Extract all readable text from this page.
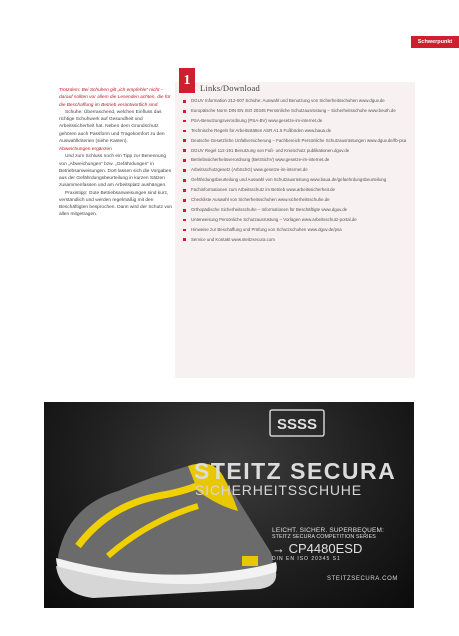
Schwerpunkt

Trotzdem: Bei Schuhen gilt „ich empfehle“ nicht – darauf sollten vor allem die Lesenden achten, die für die Beschaffung im Betrieb verantwortlich sind.

Schuhe: Überraschend, welchen Einfluss das richtige Schuhwerk auf Gesundheit und Arbeitssicherheit hat. Neben dem Grundschutz gehören auch Passform und Tragekomfort zu den Auswahlkriterien (siehe Kasten).

Abweichungen ergänzen

Und zum Schluss noch ein Tipp zur Benennung von „Abweichungen“ bzw. „Gefährdungen“ in Betriebsanweisungen. Dort lassen sich die Vorgaben aus der Gefährdungsbeurteilung in kurzen Sätzen zusammenfassen und am Arbeitsplatz aushängen.

Praxistipp: Gute Betriebsanweisungen sind kurz, verständlich und werden regelmäßig mit den Beschäftigten besprochen. Dann wird der Schutz von allen mitgetragen.

1	Links/Download
DGUV Information 212-007 Schuhe: Auswahl und Benutzung von Sicherheitsschuhen www.dguv.de
Europäische Norm DIN EN ISO 20345 Persönliche Schutzausrüstung – Sicherheitsschuhe www.beuth.de
PSA-Benutzungsverordnung (PSA-BV) www.gesetze-im-internet.de
Technische Regeln für Arbeitsstätten ASR A1.5 Fußböden www.baua.de
Deutsche Gesetzliche Unfallversicherung – Fachbereich Persönliche Schutzausrüstungen www.dguv.de/fb-psa
DGUV Regel 112-191 Benutzung von Fuß- und Knieschutz publikationen.dguv.de
Betriebssicherheitsverordnung (BetrSichV) www.gesetze-im-internet.de
Arbeitsschutzgesetz (ArbSchG) www.gesetze-im-internet.de
Gefährdungsbeurteilung und Auswahl von Schutzausrüstung www.baua.de/gefaehrdungsbeurteilung
Fachinformationen zum Arbeitsschutz im Betrieb www.arbeitssicherheit.de
Checkliste Auswahl von Sicherheitsschuhen www.sicherheitsschuhe.de
Orthopädische Sicherheitsschuhe – Informationen für Beschäftigte www.dguv.de
Unterweisung Persönliche Schutzausrüstung – Vorlagen www.arbeitsschutz-portal.de
Hinweise zur Beschaffung und Prüfung von Schutzschuhen www.dguv.de/psa
Service und Kontakt www.steitzsecura.com
SSSS
STEITZ SECURA
SICHERHEITSSCHUHE
LEICHT. SICHER. SUPERBEQUEM:
STEITZ SECURA COMPETITION SERIES
→ CP4480ESD
DIN EN ISO 20345 S1
STEITZSECURA.COM
